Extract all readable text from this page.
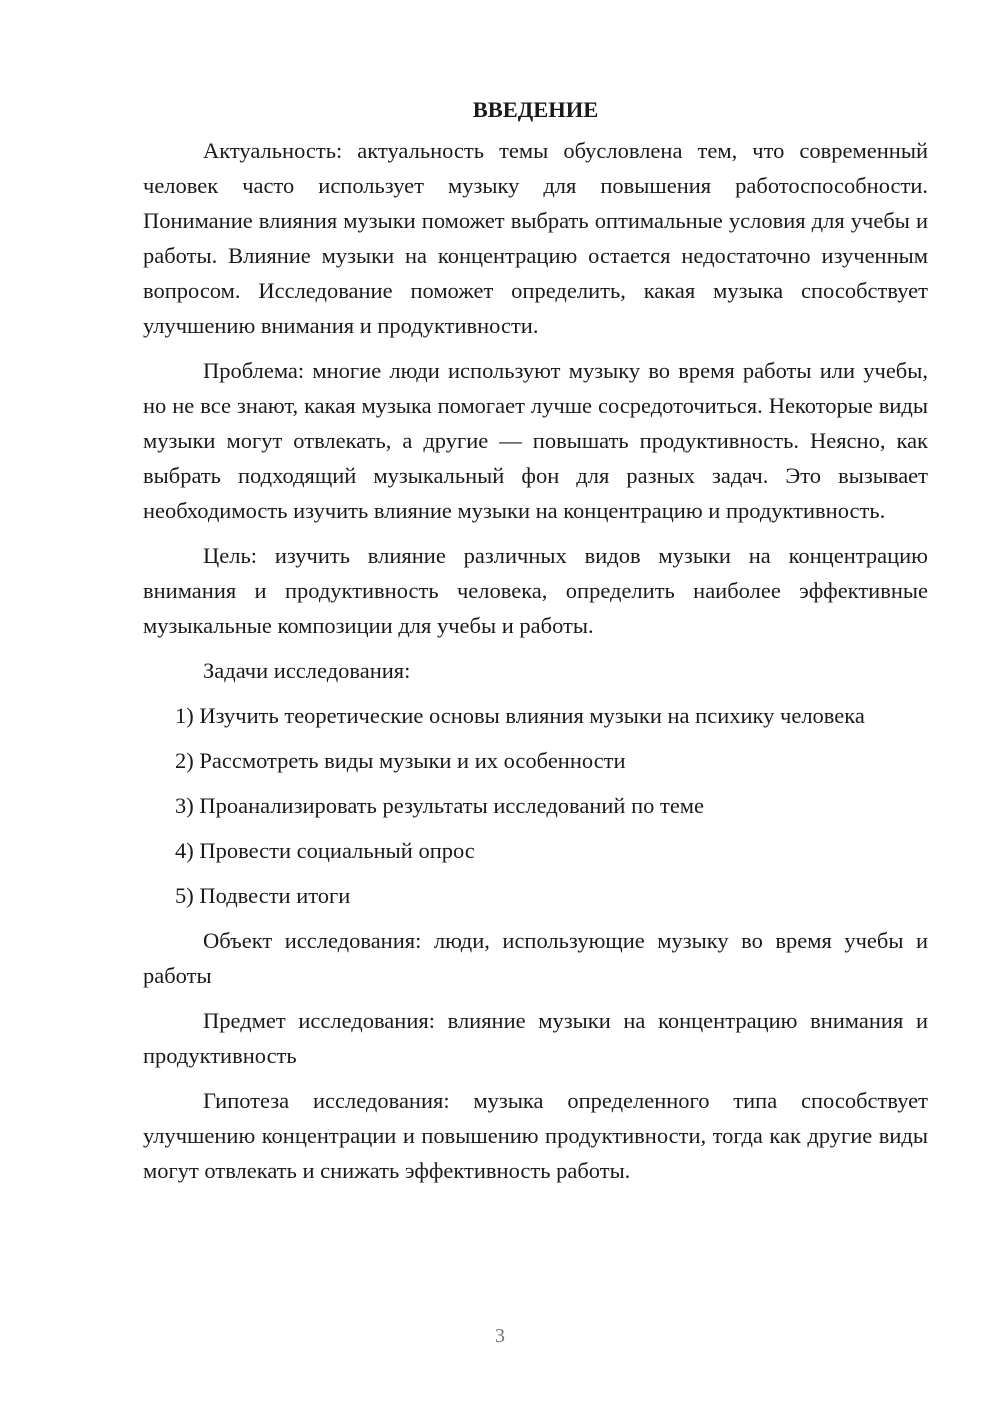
ВВЕДЕНИЕ

Актуальность: актуальность темы обусловлена тем, что современный человек часто использует музыку для повышения работоспособности. Понимание влияния музыки поможет выбрать оптимальные условия для учебы и работы. Влияние музыки на концентрацию остается недостаточно изученным вопросом. Исследование поможет определить, какая музыка способствует улучшению внимания и продуктивности.

Проблема: многие люди используют музыку во время работы или учебы, но не все знают, какая музыка помогает лучше сосредоточиться. Некоторые виды музыки могут отвлекать, а другие — повышать продуктивность. Неясно, как выбрать подходящий музыкальный фон для разных задач. Это вызывает необходимость изучить влияние музыки на концентрацию и продуктивность.

Цель: изучить влияние различных видов музыки на концентрацию внимания и продуктивность человека, определить наиболее эффективные музыкальные композиции для учебы и работы.

Задачи исследования:

1) Изучить теоретические основы влияния музыки на психику человека

2) Рассмотреть виды музыки и их особенности

3) Проанализировать результаты исследований по теме

4) Провести социальный опрос

5) Подвести итоги

Объект исследования: люди, использующие музыку во время учебы и работы

Предмет исследования: влияние музыки на концентрацию внимания и продуктивность

Гипотеза исследования: музыка определенного типа способствует улучшению концентрации и повышению продуктивности, тогда как другие виды могут отвлекать и снижать эффективность работы.

3
